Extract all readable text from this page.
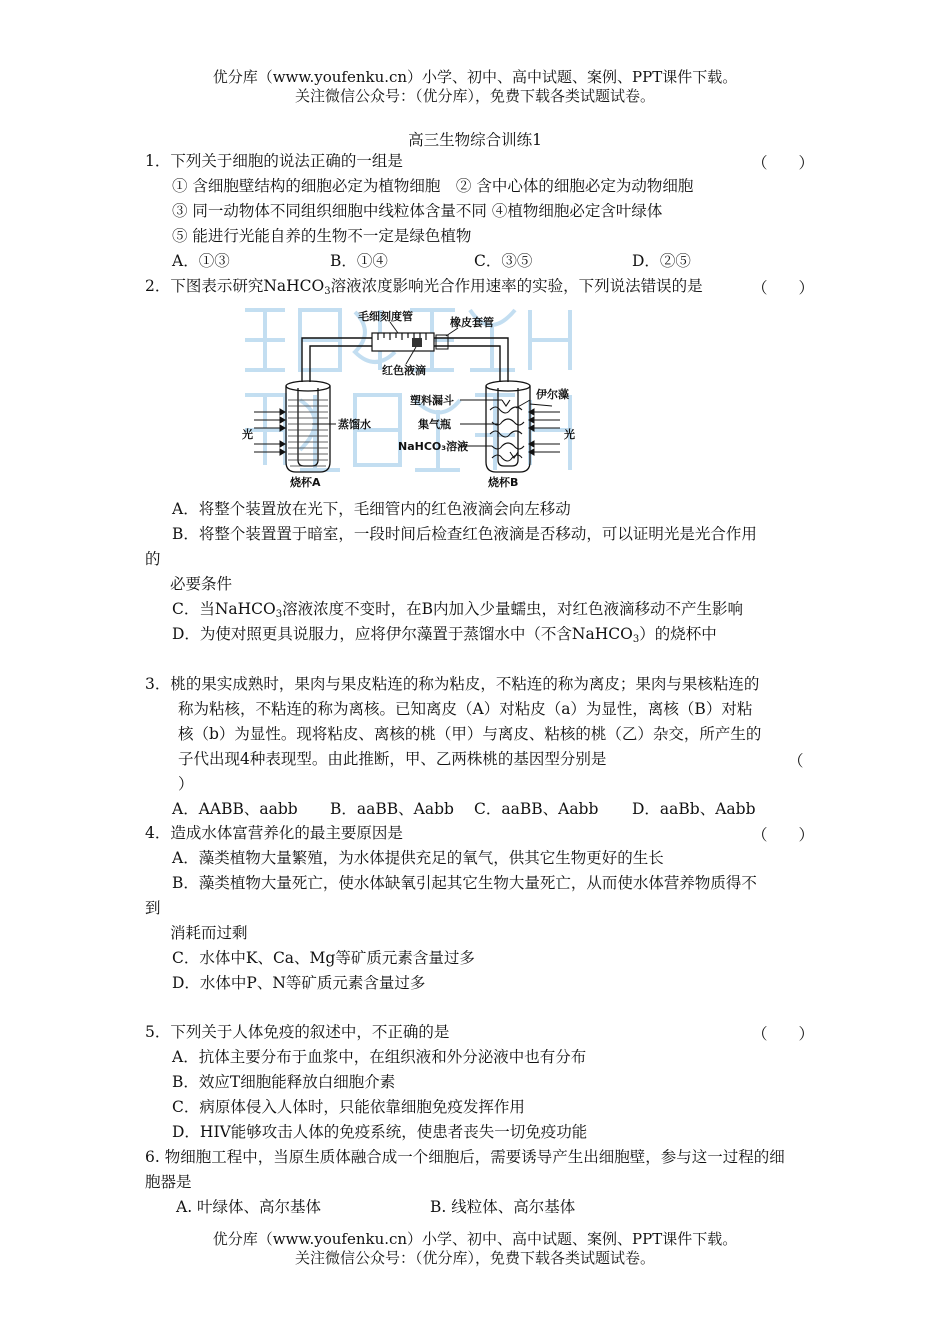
优分库（www.youfenku.cn）小学、初中、高中试题、案例、PPT课件下载。
关注微信公众号：（优分库），免费下载各类试题试卷。
高三生物综合训练1
1．下列关于细胞的说法正确的一组是	（　　）
① 含细胞壁结构的细胞必定为植物细胞　② 含中心体的细胞必定为动物细胞
③ 同一动物体不同组织细胞中线粒体含量不同 ④植物细胞必定含叶绿体
⑤ 能进行光能自养的生物不一定是绿色植物
A．①③	B．①④	C．③⑤	D．②⑤
2．下图表示研究NaHCO$_3$溶液浓度影响光合作用速率的实验，下列说法错误的是	（　　）
毛细刻度管	橡皮套管
红色液滴
伊尔藻
塑料漏斗
蒸馏水	集气瓶
NaHCO₃溶液
光	光
烧杯A	烧杯B
A．将整个装置放在光下，毛细管内的红色液滴会向左移动
B．将整个装置置于暗室，一段时间后检查红色液滴是否移动，可以证明光是光合作用
的
必要条件
C．当NaHCO$_3$溶液浓度不变时，在B内加入少量蠕虫，对红色液滴移动不产生影响
D．为使对照更具说服力，应将伊尔藻置于蒸馏水中（不含NaHCO$_3$）的烧杯中
3．桃的果实成熟时，果肉与果皮粘连的称为粘皮，不粘连的称为离皮；果肉与果核粘连的
称为粘核，不粘连的称为离核。已知离皮（A）对粘皮（a）为显性，离核（B）对粘
核（b）为显性。现将粘皮、离核的桃（甲）与离皮、粘核的桃（乙）杂交，所产生的
子代出现4种表现型。由此推断，甲、乙两株桃的基因型分别是	（
）
A．AABB、aabb B．aaBB、Aabb C．aaBB、Aabb D．aaBb、Aabb
4．造成水体富营养化的最主要原因是	（　　）
A．藻类植物大量繁殖，为水体提供充足的氧气，供其它生物更好的生长
B．藻类植物大量死亡，使水体缺氧引起其它生物大量死亡，从而使水体营养物质得不
到
消耗而过剩
C．水体中K、Ca、Mg等矿质元素含量过多
D．水体中P、N等矿质元素含量过多
5．下列关于人体免疫的叙述中，不正确的是	（　　）
A．抗体主要分布于血浆中，在组织液和外分泌液中也有分布
B．效应T细胞能释放白细胞介素
C．病原体侵入人体时，只能依靠细胞免疫发挥作用
D．HIV能够攻击人体的免疫系统，使患者丧失一切免疫功能
6. 物细胞工程中，当原生质体融合成一个细胞后，需要诱导产生出细胞壁，参与这一过程的细
胞器是
A. 叶绿体、高尔基体	B. 线粒体、高尔基体
优分库（www.youfenku.cn）小学、初中、高中试题、案例、PPT课件下载。
关注微信公众号：（优分库），免费下载各类试题试卷。
